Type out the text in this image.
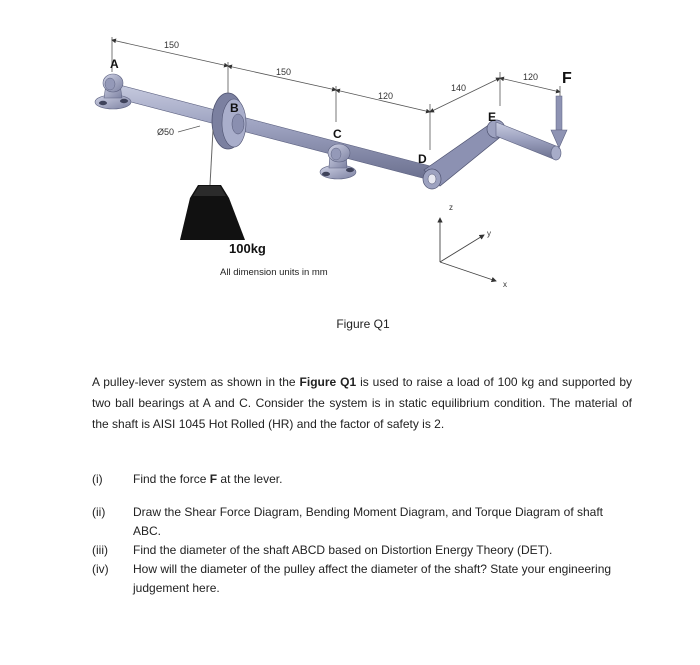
150
150
120
140
120
z
y
x
A
B
C
D
E
F
Ø50
100kg
All dimension units in mm
Figure Q1
A pulley-lever system as shown in the Figure Q1 is used to raise a load of 100 kg and supported by two ball bearings at A and C. Consider the system is in static equilibrium condition. The material of the shaft is AISI 1045 Hot Rolled (HR) and the factor of safety is 2.
(i)	Find the force F at the lever.
(ii)	Draw the Shear Force Diagram, Bending Moment Diagram, and Torque Diagram of shaft ABC.
(iii)	Find the diameter of the shaft ABCD based on Distortion Energy Theory (DET).
(iv)	How will the diameter of the pulley affect the diameter of the shaft? State your engineering judgement here.
